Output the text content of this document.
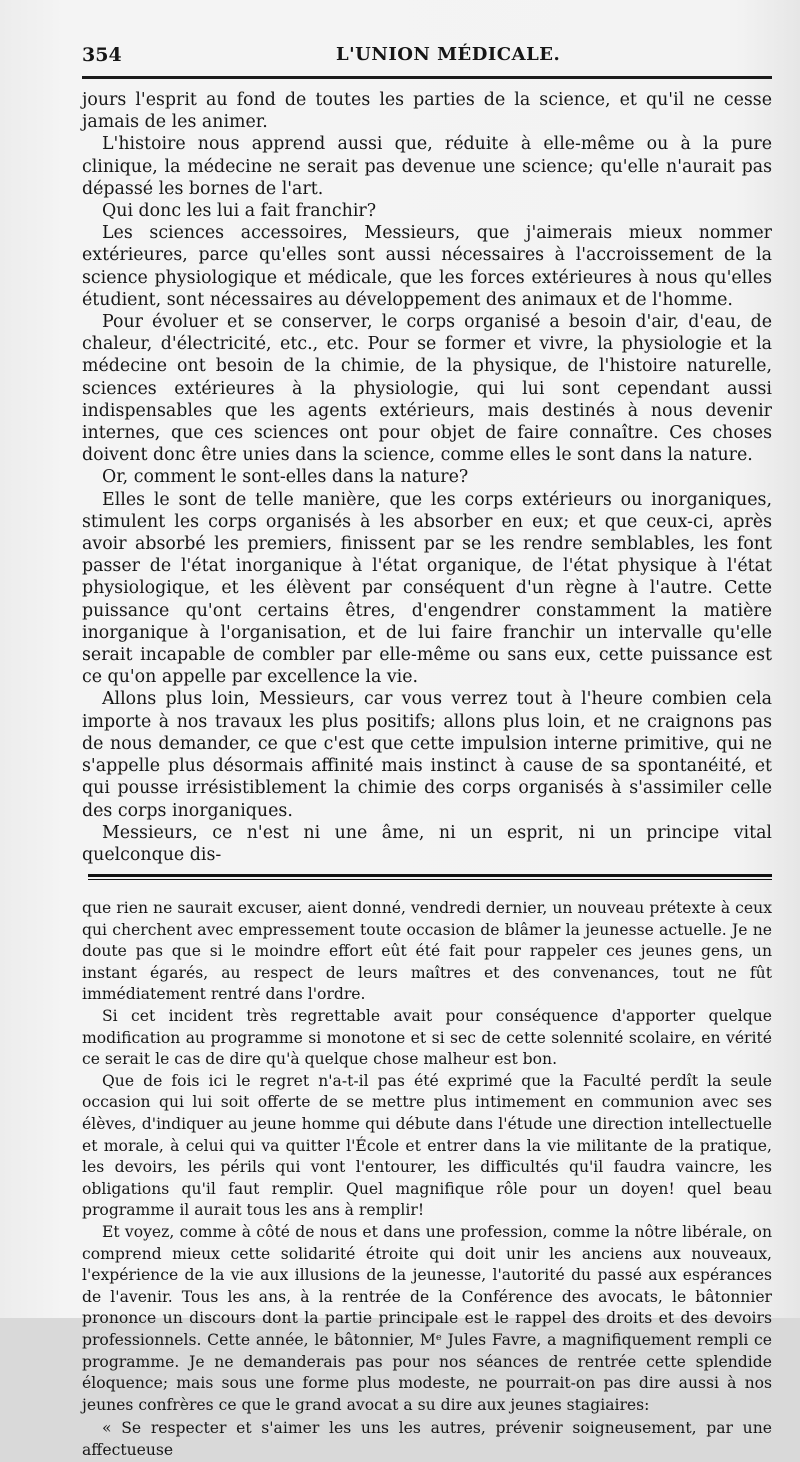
354	L'UNION MÉDICALE.

jours l'esprit au fond de toutes les parties de la science, et qu'il ne cesse jamais de les animer.

L'histoire nous apprend aussi que, réduite à elle-même ou à la pure clinique, la médecine ne serait pas devenue une science; qu'elle n'aurait pas dépassé les bornes de l'art.

Qui donc les lui a fait franchir?

Les sciences accessoires, Messieurs, que j'aimerais mieux nommer extérieures, parce qu'elles sont aussi nécessaires à l'accroissement de la science physiologique et médicale, que les forces extérieures à nous qu'elles étudient, sont nécessaires au développement des animaux et de l'homme.

Pour évoluer et se conserver, le corps organisé a besoin d'air, d'eau, de chaleur, d'électricité, etc., etc. Pour se former et vivre, la physiologie et la médecine ont besoin de la chimie, de la physique, de l'histoire naturelle, sciences extérieures à la physiologie, qui lui sont cependant aussi indispensables que les agents extérieurs, mais destinés à nous devenir internes, que ces sciences ont pour objet de faire connaître. Ces choses doivent donc être unies dans la science, comme elles le sont dans la nature.

Or, comment le sont-elles dans la nature?

Elles le sont de telle manière, que les corps extérieurs ou inorganiques, stimulent les corps organisés à les absorber en eux; et que ceux-ci, après avoir absorbé les premiers, finissent par se les rendre semblables, les font passer de l'état inorganique à l'état organique, de l'état physique à l'état physiologique, et les élèvent par conséquent d'un règne à l'autre. Cette puissance qu'ont certains êtres, d'engendrer constamment la matière inorganique à l'organisation, et de lui faire franchir un intervalle qu'elle serait incapable de combler par elle-même ou sans eux, cette puissance est ce qu'on appelle par excellence la vie.

Allons plus loin, Messieurs, car vous verrez tout à l'heure combien cela importe à nos travaux les plus positifs; allons plus loin, et ne craignons pas de nous demander, ce que c'est que cette impulsion interne primitive, qui ne s'appelle plus désormais affinité mais instinct à cause de sa spontanéité, et qui pousse irrésistiblement la chimie des corps organisés à s'assimiler celle des corps inorganiques.

Messieurs, ce n'est ni une âme, ni un esprit, ni un principe vital quelconque dis-

que rien ne saurait excuser, aient donné, vendredi dernier, un nouveau prétexte à ceux qui cherchent avec empressement toute occasion de blâmer la jeunesse actuelle. Je ne doute pas que si le moindre effort eût été fait pour rappeler ces jeunes gens, un instant égarés, au respect de leurs maîtres et des convenances, tout ne fût immédiatement rentré dans l'ordre.

Si cet incident très regrettable avait pour conséquence d'apporter quelque modification au programme si monotone et si sec de cette solennité scolaire, en vérité ce serait le cas de dire qu'à quelque chose malheur est bon.

Que de fois ici le regret n'a-t-il pas été exprimé que la Faculté perdît la seule occasion qui lui soit offerte de se mettre plus intimement en communion avec ses élèves, d'indiquer au jeune homme qui débute dans l'étude une direction intellectuelle et morale, à celui qui va quitter l'École et entrer dans la vie militante de la pratique, les devoirs, les périls qui vont l'entourer, les difficultés qu'il faudra vaincre, les obligations qu'il faut remplir. Quel magnifique rôle pour un doyen! quel beau programme il aurait tous les ans à remplir!

Et voyez, comme à côté de nous et dans une profession, comme la nôtre libérale, on comprend mieux cette solidarité étroite qui doit unir les anciens aux nouveaux, l'expérience de la vie aux illusions de la jeunesse, l'autorité du passé aux espérances de l'avenir. Tous les ans, à la rentrée de la Conférence des avocats, le bâtonnier prononce un discours dont la partie principale est le rappel des droits et des devoirs professionnels. Cette année, le bâtonnier, Mᵉ Jules Favre, a magnifiquement rempli ce programme. Je ne demanderais pas pour nos séances de rentrée cette splendide éloquence; mais sous une forme plus modeste, ne pourrait-on pas dire aussi à nos jeunes confrères ce que le grand avocat a su dire aux jeunes stagiaires:

« Se respecter et s'aimer les uns les autres, prévenir soigneusement, par une affectueuse
